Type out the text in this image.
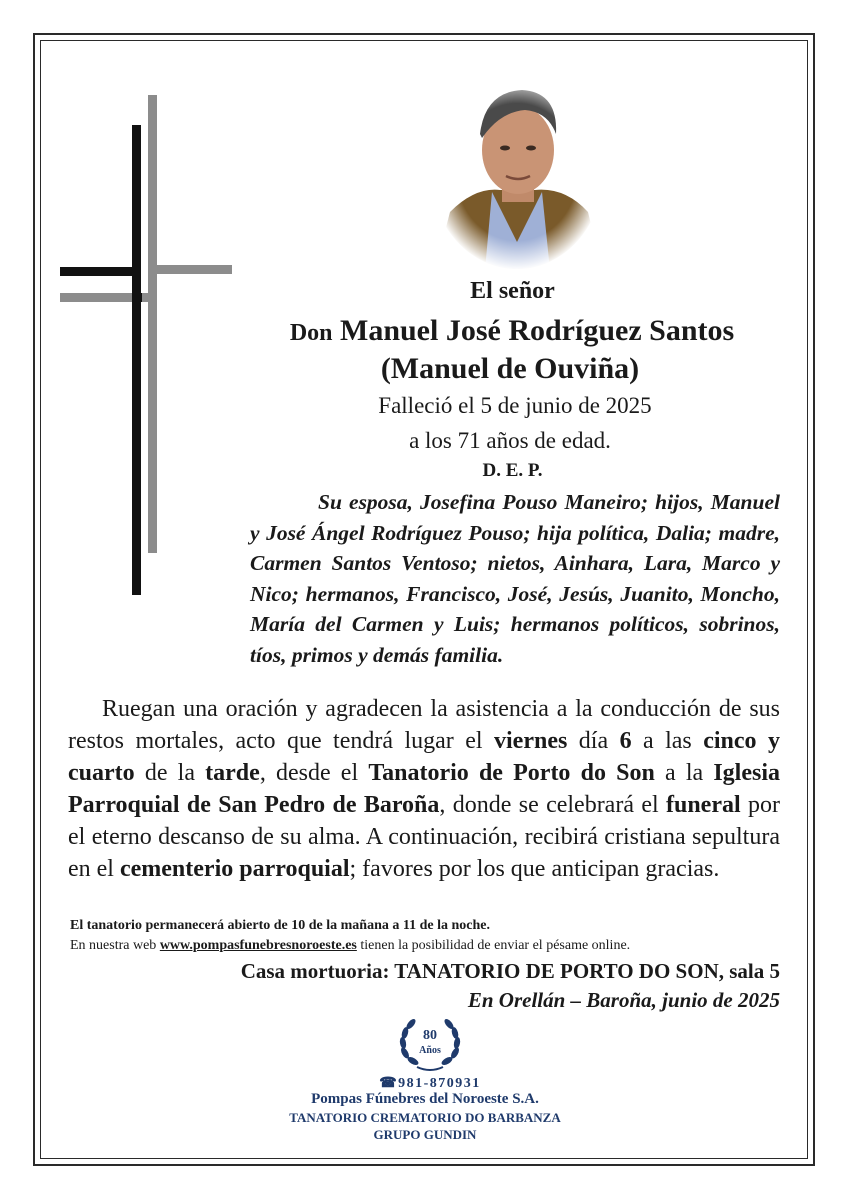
El señor
Don Manuel José Rodríguez Santos
(Manuel de Ouviña)
Falleció el 5 de junio de 2025
a los 71 años de edad.
D. E. P.

Su esposa, Josefina Pouso Maneiro; hijos, Manuel y José Ángel Rodríguez Pouso; hija política, Dalia; madre, Carmen Santos Ventoso; nietos, Ainhara, Lara, Marco y Nico; hermanos, Francisco, José, Jesús, Juanito, Moncho, María del Carmen y Luis; hermanos políticos, sobrinos, tíos, primos y demás familia.

Ruegan una oración y agradecen la asistencia a la conducción de sus restos mortales, acto que tendrá lugar el viernes día 6 a las cinco y cuarto de la tarde, desde el Tanatorio de Porto do Son a la Iglesia Parroquial de San Pedro de Baroña, donde se celebrará el funeral por el eterno descanso de su alma. A continuación, recibirá cristiana sepultura en el cementerio parroquial; favores por los que anticipan gracias.

El tanatorio permanecerá abierto de 10 de la mañana a 11 de la noche.
En nuestra web www.pompasfunebresnoroeste.es tienen la posibilidad de enviar el pésame online.
Casa mortuoria: TANATORIO DE PORTO DO SON, sala 5
En Orellán – Baroña, junio de 2025
80
Años
☎981-870931
Pompas Fúnebres del Noroeste S.A.
TANATORIO CREMATORIO DO BARBANZA
GRUPO GUNDIN
